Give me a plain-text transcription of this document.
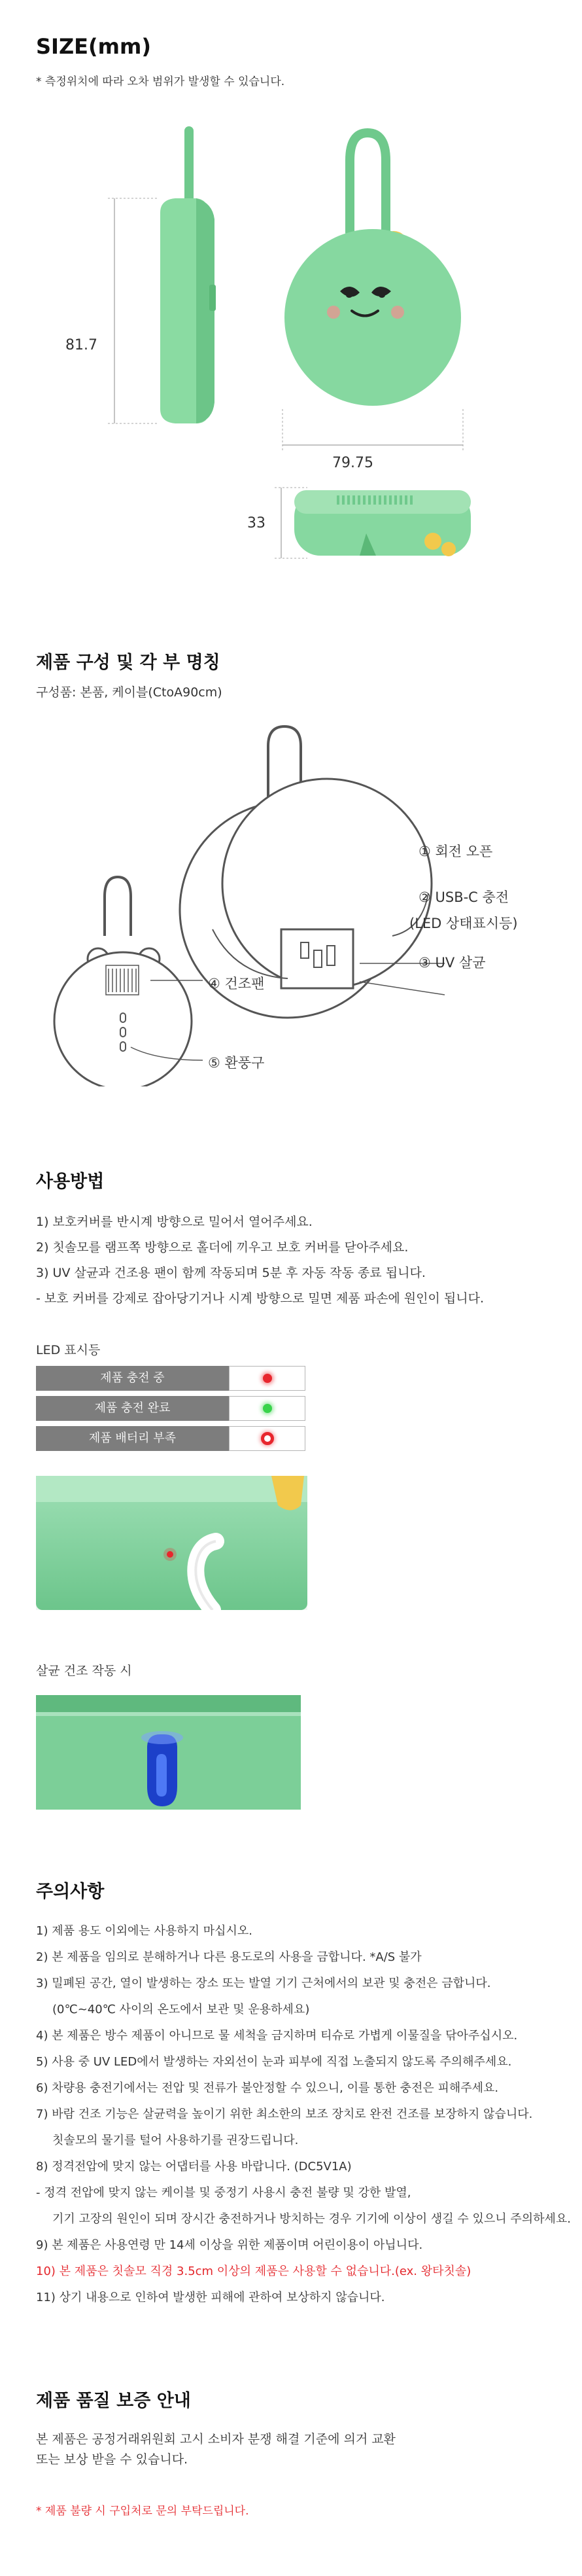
SIZE(mm)
* 측정위치에 따라 오차 범위가 발생할 수 있습니다.
81.7
79.75
33
제품 구성 및 각 부 명칭
구성품: 본품, 케이블(CtoA90cm)
① 회전 오픈
② USB-C 충전
(LED 상태표시등)
③ UV 살균
④ 건조팬
⑤ 환풍구
사용방법
1) 보호커버를 반시계 방향으로 밀어서 열어주세요.
2) 칫솔모를 램프쪽 방향으로 홀더에 끼우고 보호 커버를 닫아주세요.
3) UV 살균과 건조용 팬이 함께 작동되며 5분 후 자동 작동 종료 됩니다.
- 보호 커버를 강제로 잡아당기거나 시계 방향으로 밀면 제품 파손에 원인이 됩니다.
LED 표시등
제품 충전 중
제품 충전 완료
제품 배터리 부족
살균 건조 작동 시
주의사항
1) 제품 용도 이외에는 사용하지 마십시오.
2) 본 제품을 임의로 분해하거나 다른 용도로의 사용을 금합니다. *A/S 불가
3) 밀폐된 공간, 열이 발생하는 장소 또는 발열 기기 근처에서의 보관 및 충전은 금합니다.
(0℃~40℃ 사이의 온도에서 보관 및 운용하세요)
4) 본 제품은 방수 제품이 아니므로 물 세척을 금지하며 티슈로 가볍게 이물질을 닦아주십시오.
5) 사용 중 UV LED에서 발생하는 자외선이 눈과 피부에 직접 노출되지 않도록 주의해주세요.
6) 차량용 충전기에서는 전압 및 전류가 불안정할 수 있으니, 이를 통한 충전은 피해주세요.
7) 바람 건조 기능은 살균력을 높이기 위한 최소한의 보조 장치로 완전 건조를 보장하지 않습니다.
칫솔모의 물기를 털어 사용하기를 권장드립니다.
8) 정격전압에 맞지 않는 어댑터를 사용 바랍니다. (DC5V1A)
- 정격 전압에 맞지 않는 케이블 및 중정기 사용시 충전 불량 및 강한 발열,
기기 고장의 원인이 되며 장시간 충전하거나 방치하는 경우 기기에 이상이 생길 수 있으니 주의하세요.
9) 본 제품은 사용연령 만 14세 이상을 위한 제품이며 어린이용이 아닙니다.
10) 본 제품은 칫솔모 직경 3.5cm 이상의 제품은 사용할 수 없습니다.(ex. 왕타칫솔)
11) 상기 내용으로 인하여 발생한 피해에 관하여 보상하지 않습니다.
제품 품질 보증 안내
본 제품은 공정거래위원회 고시 소비자 분쟁 해결 기준에 의거 교환
또는 보상 받을 수 있습니다.
* 제품 불량 시 구입처로 문의 부탁드립니다.
